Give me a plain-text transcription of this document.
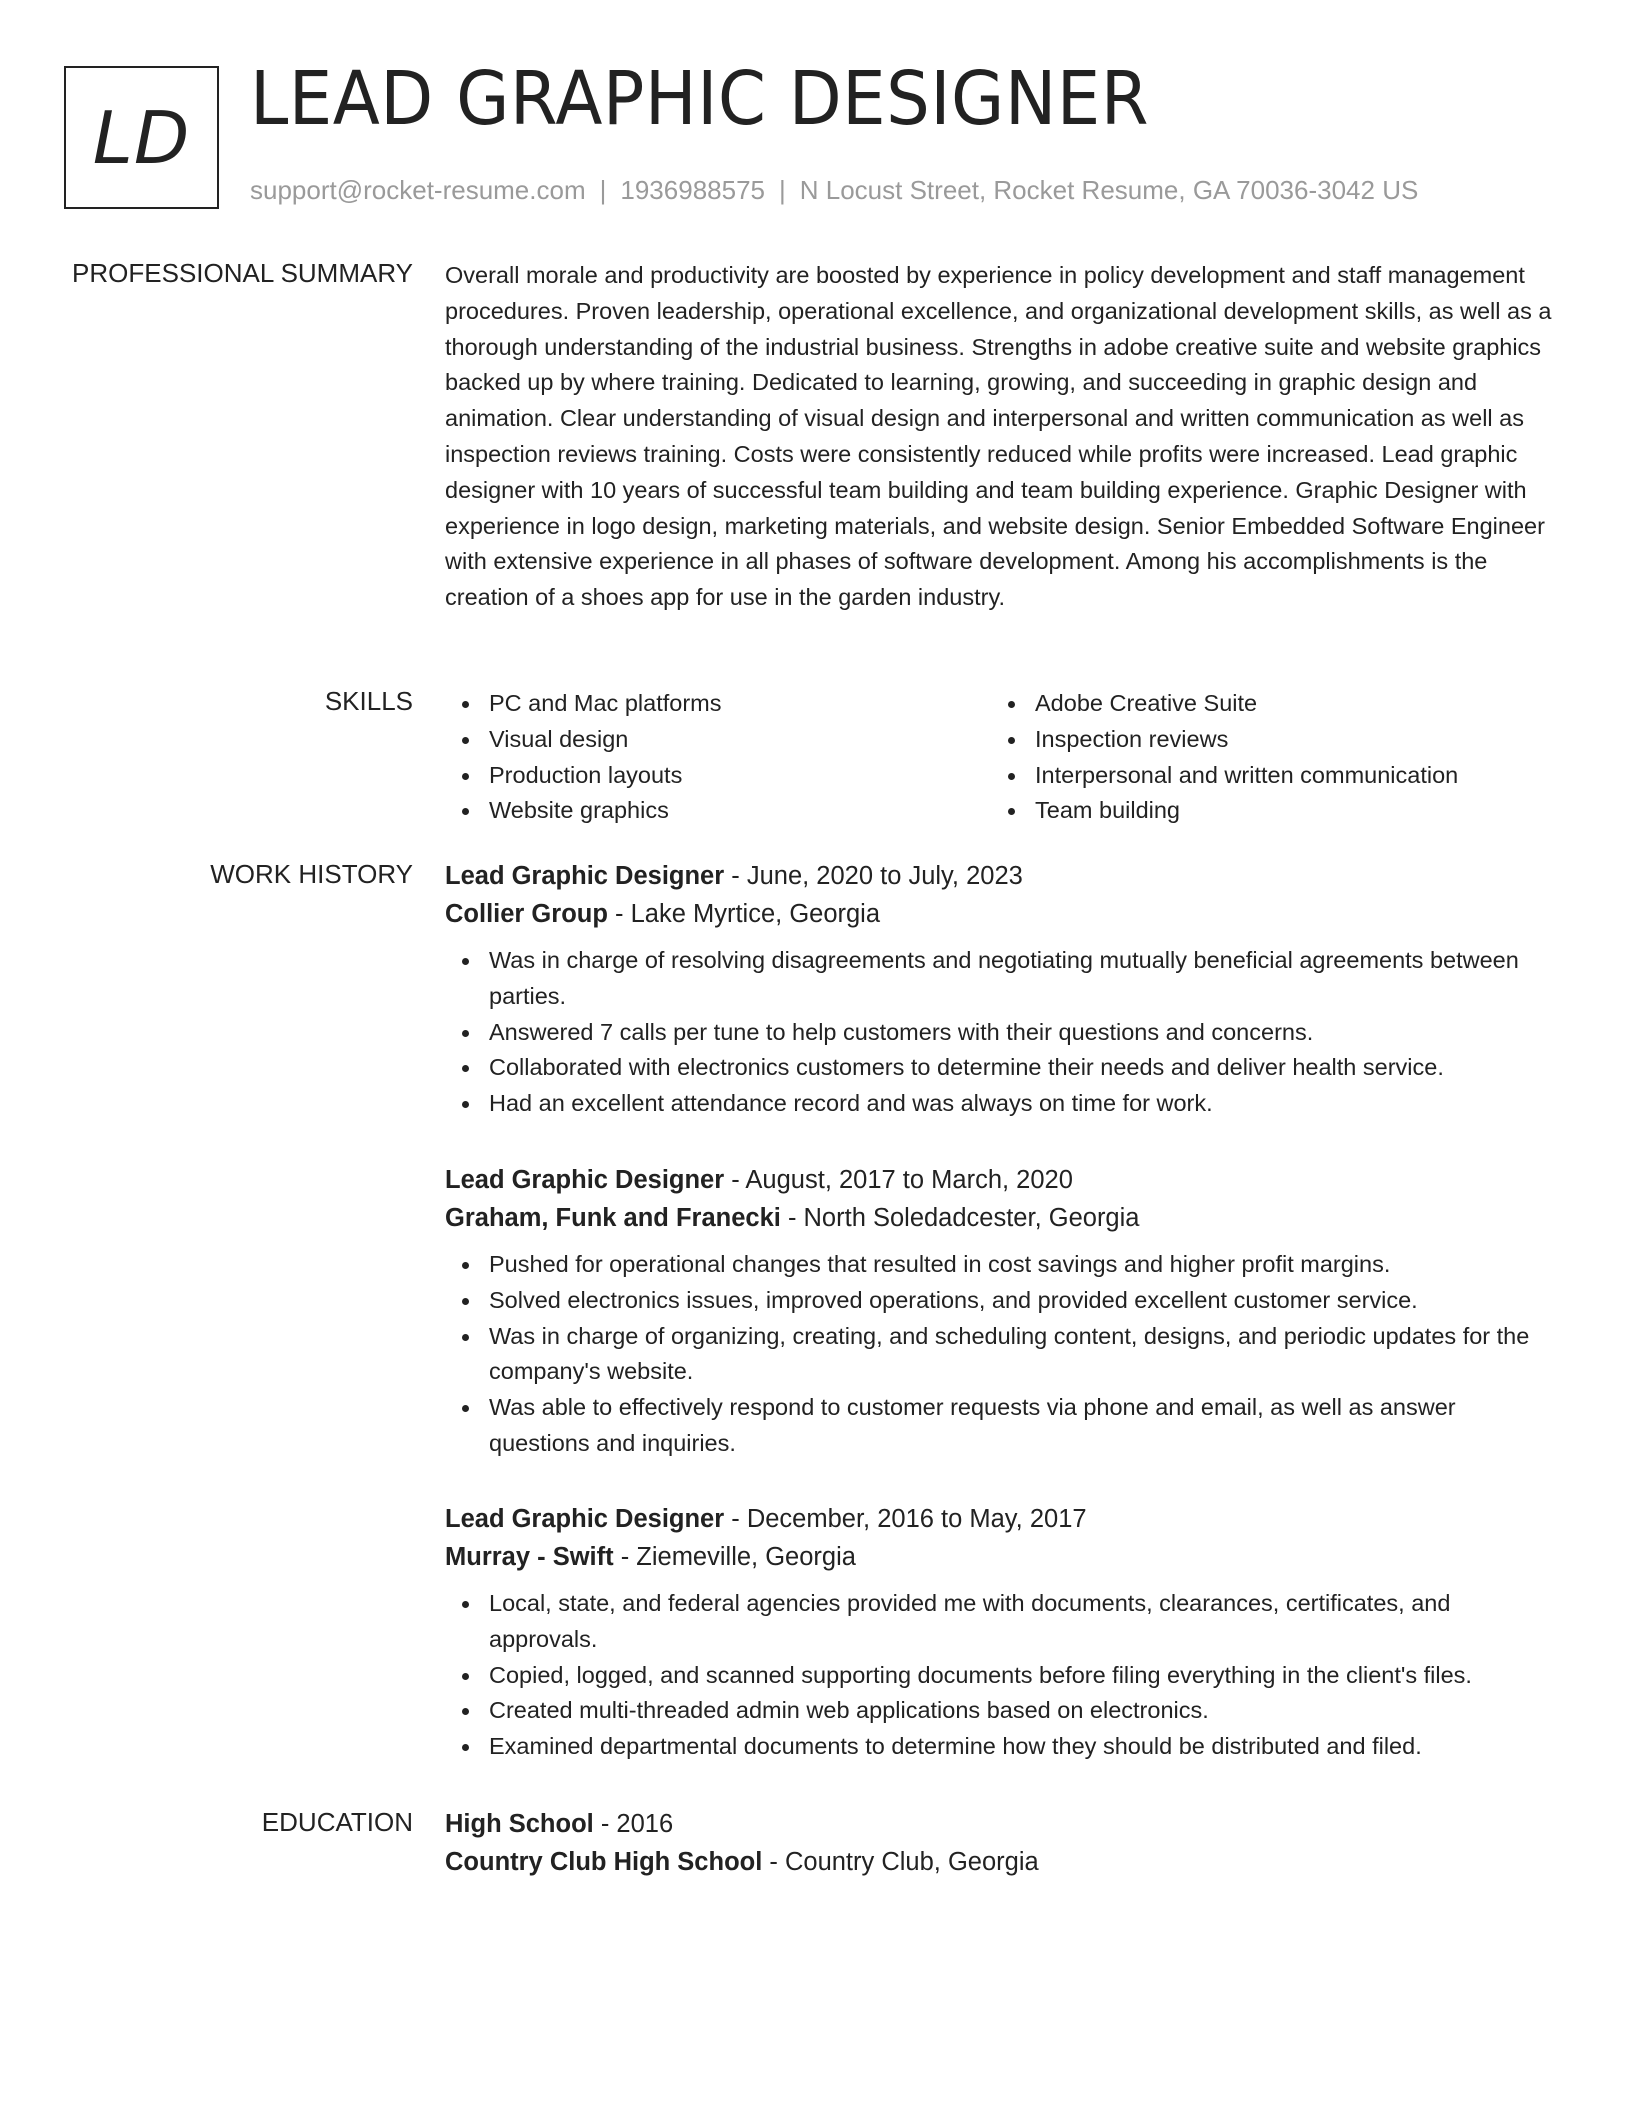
LD LEAD GRAPHIC DESIGNER
support@rocket-resume.com | 1936988575 | N Locust Street, Rocket Resume, GA 70036-3042 US
PROFESSIONAL SUMMARY Overall morale and productivity are boosted by experience in policy development and staff management procedures. Proven leadership, operational excellence, and organizational development skills, as well as a thorough understanding of the industrial business. Strengths in adobe creative suite and website graphics backed up by where training. Dedicated to learning, growing, and succeeding in graphic design and animation. Clear understanding of visual design and interpersonal and written communication as well as inspection reviews training. Costs were consistently reduced while profits were increased. Lead graphic designer with 10 years of successful team building and team building experience. Graphic Designer with experience in logo design, marketing materials, and website design. Senior Embedded Software Engineer with extensive experience in all phases of software development. Among his accomplishments is the creation of a shoes app for use in the garden industry.

SKILLS	PC and Mac platforms
Visual design
Production layouts
Website graphics
Adobe Creative Suite
Inspection reviews
Interpersonal and written communication
Team building
WORK HISTORY Lead Graphic Designer - June, 2020 to July, 2023
Collier Group - Lake Myrtice, Georgia
Was in charge of resolving disagreements and negotiating mutually beneficial agreements between parties.
Answered 7 calls per tune to help customers with their questions and concerns.
Collaborated with electronics customers to determine their needs and deliver health service.
Had an excellent attendance record and was always on time for work.
Lead Graphic Designer - August, 2017 to March, 2020
Graham, Funk and Franecki - North Soledadcester, Georgia
Pushed for operational changes that resulted in cost savings and higher profit margins.
Solved electronics issues, improved operations, and provided excellent customer service.
Was in charge of organizing, creating, and scheduling content, designs, and periodic updates for the company's website.
Was able to effectively respond to customer requests via phone and email, as well as answer questions and inquiries.
Lead Graphic Designer - December, 2016 to May, 2017
Murray - Swift - Ziemeville, Georgia
Local, state, and federal agencies provided me with documents, clearances, certificates, and approvals.
Copied, logged, and scanned supporting documents before filing everything in the client's files.
Created multi-threaded admin web applications based on electronics.
Examined departmental documents to determine how they should be distributed and filed.
EDUCATION High School - 2016
Country Club High School - Country Club, Georgia
